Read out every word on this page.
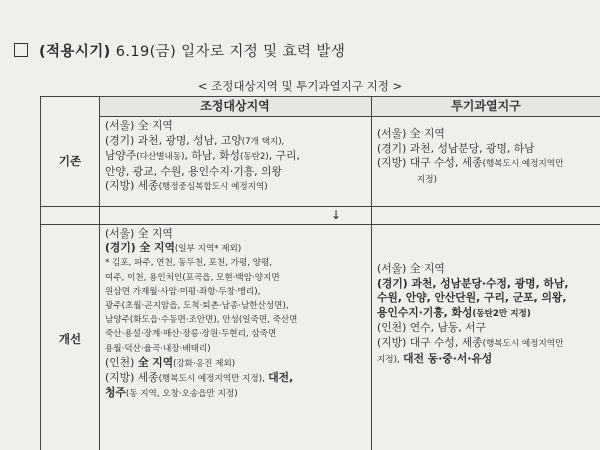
(적용시기) 6.19(금) 일자로 지정 및 효력 발생
< 조정대상지역 및 투기과열지구 지정 >
조정대상지역	투기과열지구
기존
개선
(서울) 全 지역
(경기) 과천, 광명, 성남, 고양(7개 택지),
남양주(다산별내동), 하남, 화성(동탄2), 구리,
안양, 광교, 수원, 용인수지·기흥, 의왕
(지방) 세종(행정중심복합도시 예정지역)
(서울) 全 지역
(경기) 과천, 성남분당, 광명, 하남
(지방) 대구 수성, 세종(행복도시 예정지역만
지정)
↓
(서울) 全 지역
(경기) 全 지역(일부 지역* 제외)
* 김포, 파주, 연천, 동두천, 포천, 가평, 양평,
여주, 이천, 용인처인(포곡읍, 모현·백암·양지면
원삼면 가재월·사암·미평·좌항·두창·맹리),
광주(초월·곤지암읍, 도척·퇴촌·남종·남한산성면),
남양주(화도읍·수동면·조안면), 안성(일죽면, 죽산면
죽산·용설·장계·매산·장릉·장원·두현리, 삼죽면
용월·덕산·율곡·내장·배태리)
(인천) 全 지역(강화·옹진 제외)
(지방) 세종(행복도시 예정지역만 지정), 대전,
청주(동 지역, 오창·오송읍만 지정)
(서울) 全 지역
(경기) 과천, 성남분당·수정, 광명, 하남,
수원, 안양, 안산단원, 구리, 군포, 의왕,
용인수지·기흥, 화성(동탄2만 지정)
(인천) 연수, 남동, 서구
(지방) 대구 수성, 세종(행복도시 예정지역만
지정), 대전 동·중·서·유성
